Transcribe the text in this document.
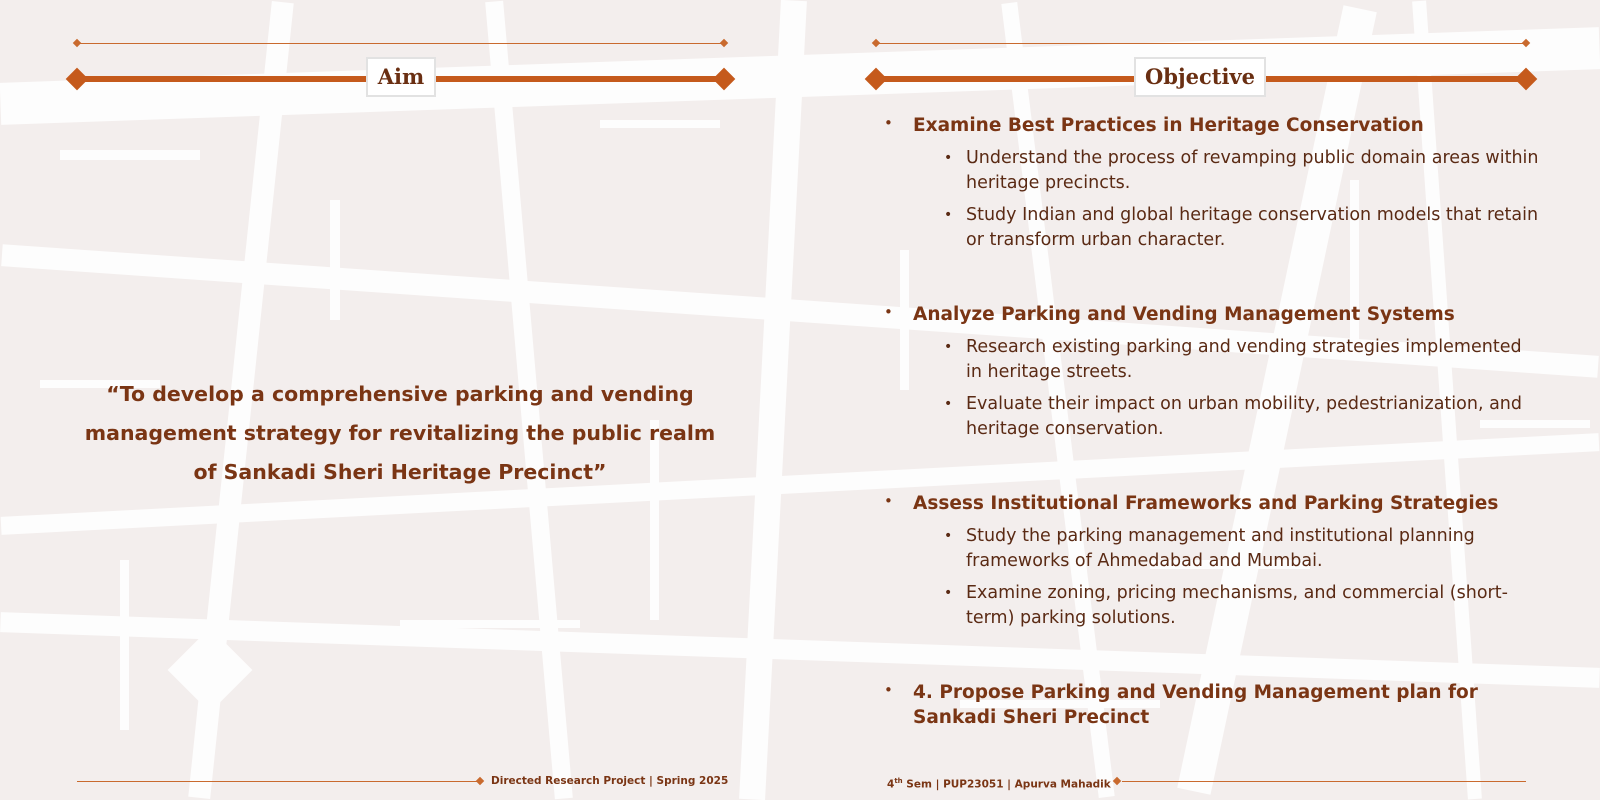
Aim
“To develop a comprehensive parking and vending management strategy for revitalizing the public realm of Sankadi Sheri Heritage Precinct”
Objective
• Examine Best Practices in Heritage Conservation
• Understand the process of revamping public domain areas within heritage precincts.
• Study Indian and global heritage conservation models that retain or transform urban character.
• Analyze Parking and Vending Management Systems
• Research existing parking and vending strategies implemented in heritage streets.
• Evaluate their impact on urban mobility, pedestrianization, and heritage conservation.
• Assess Institutional Frameworks and Parking Strategies
• Study the parking management and institutional planning frameworks of Ahmedabad and Mumbai.
• Examine zoning, pricing mechanisms, and commercial (short-term) parking solutions.
• 4. Propose Parking and Vending Management plan for Sankadi Sheri Precinct
Directed Research Project | Spring 2025	4th Sem | PUP23051 | Apurva Mahadik
